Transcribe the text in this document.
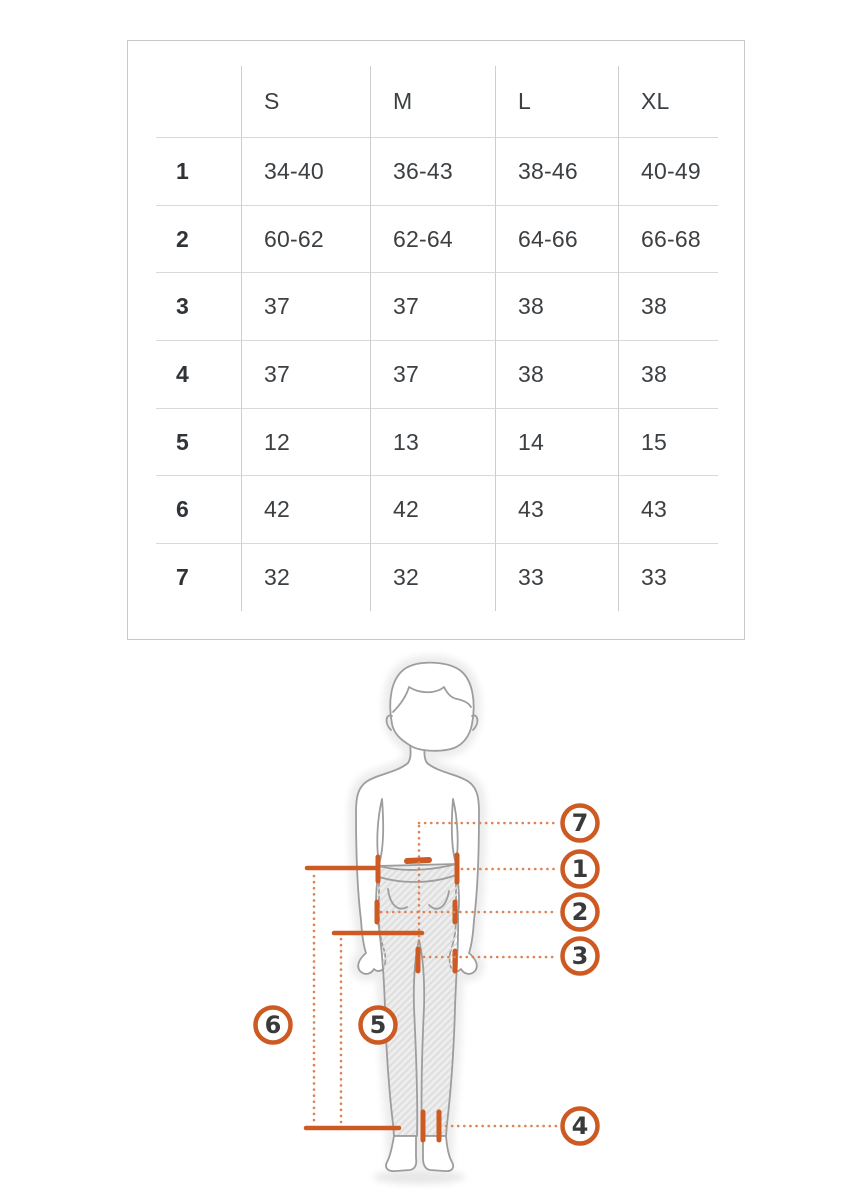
S	M	L	XL
1	34-40	36-43	38-46	40-49
2	60-62	62-64	64-66	66-68
3	37	37	38	38
4	37	37	38	38
5	12	13	14	15
6	42	42	43	43
7	32	32	33	33
7
1
2
3
4
5
6
